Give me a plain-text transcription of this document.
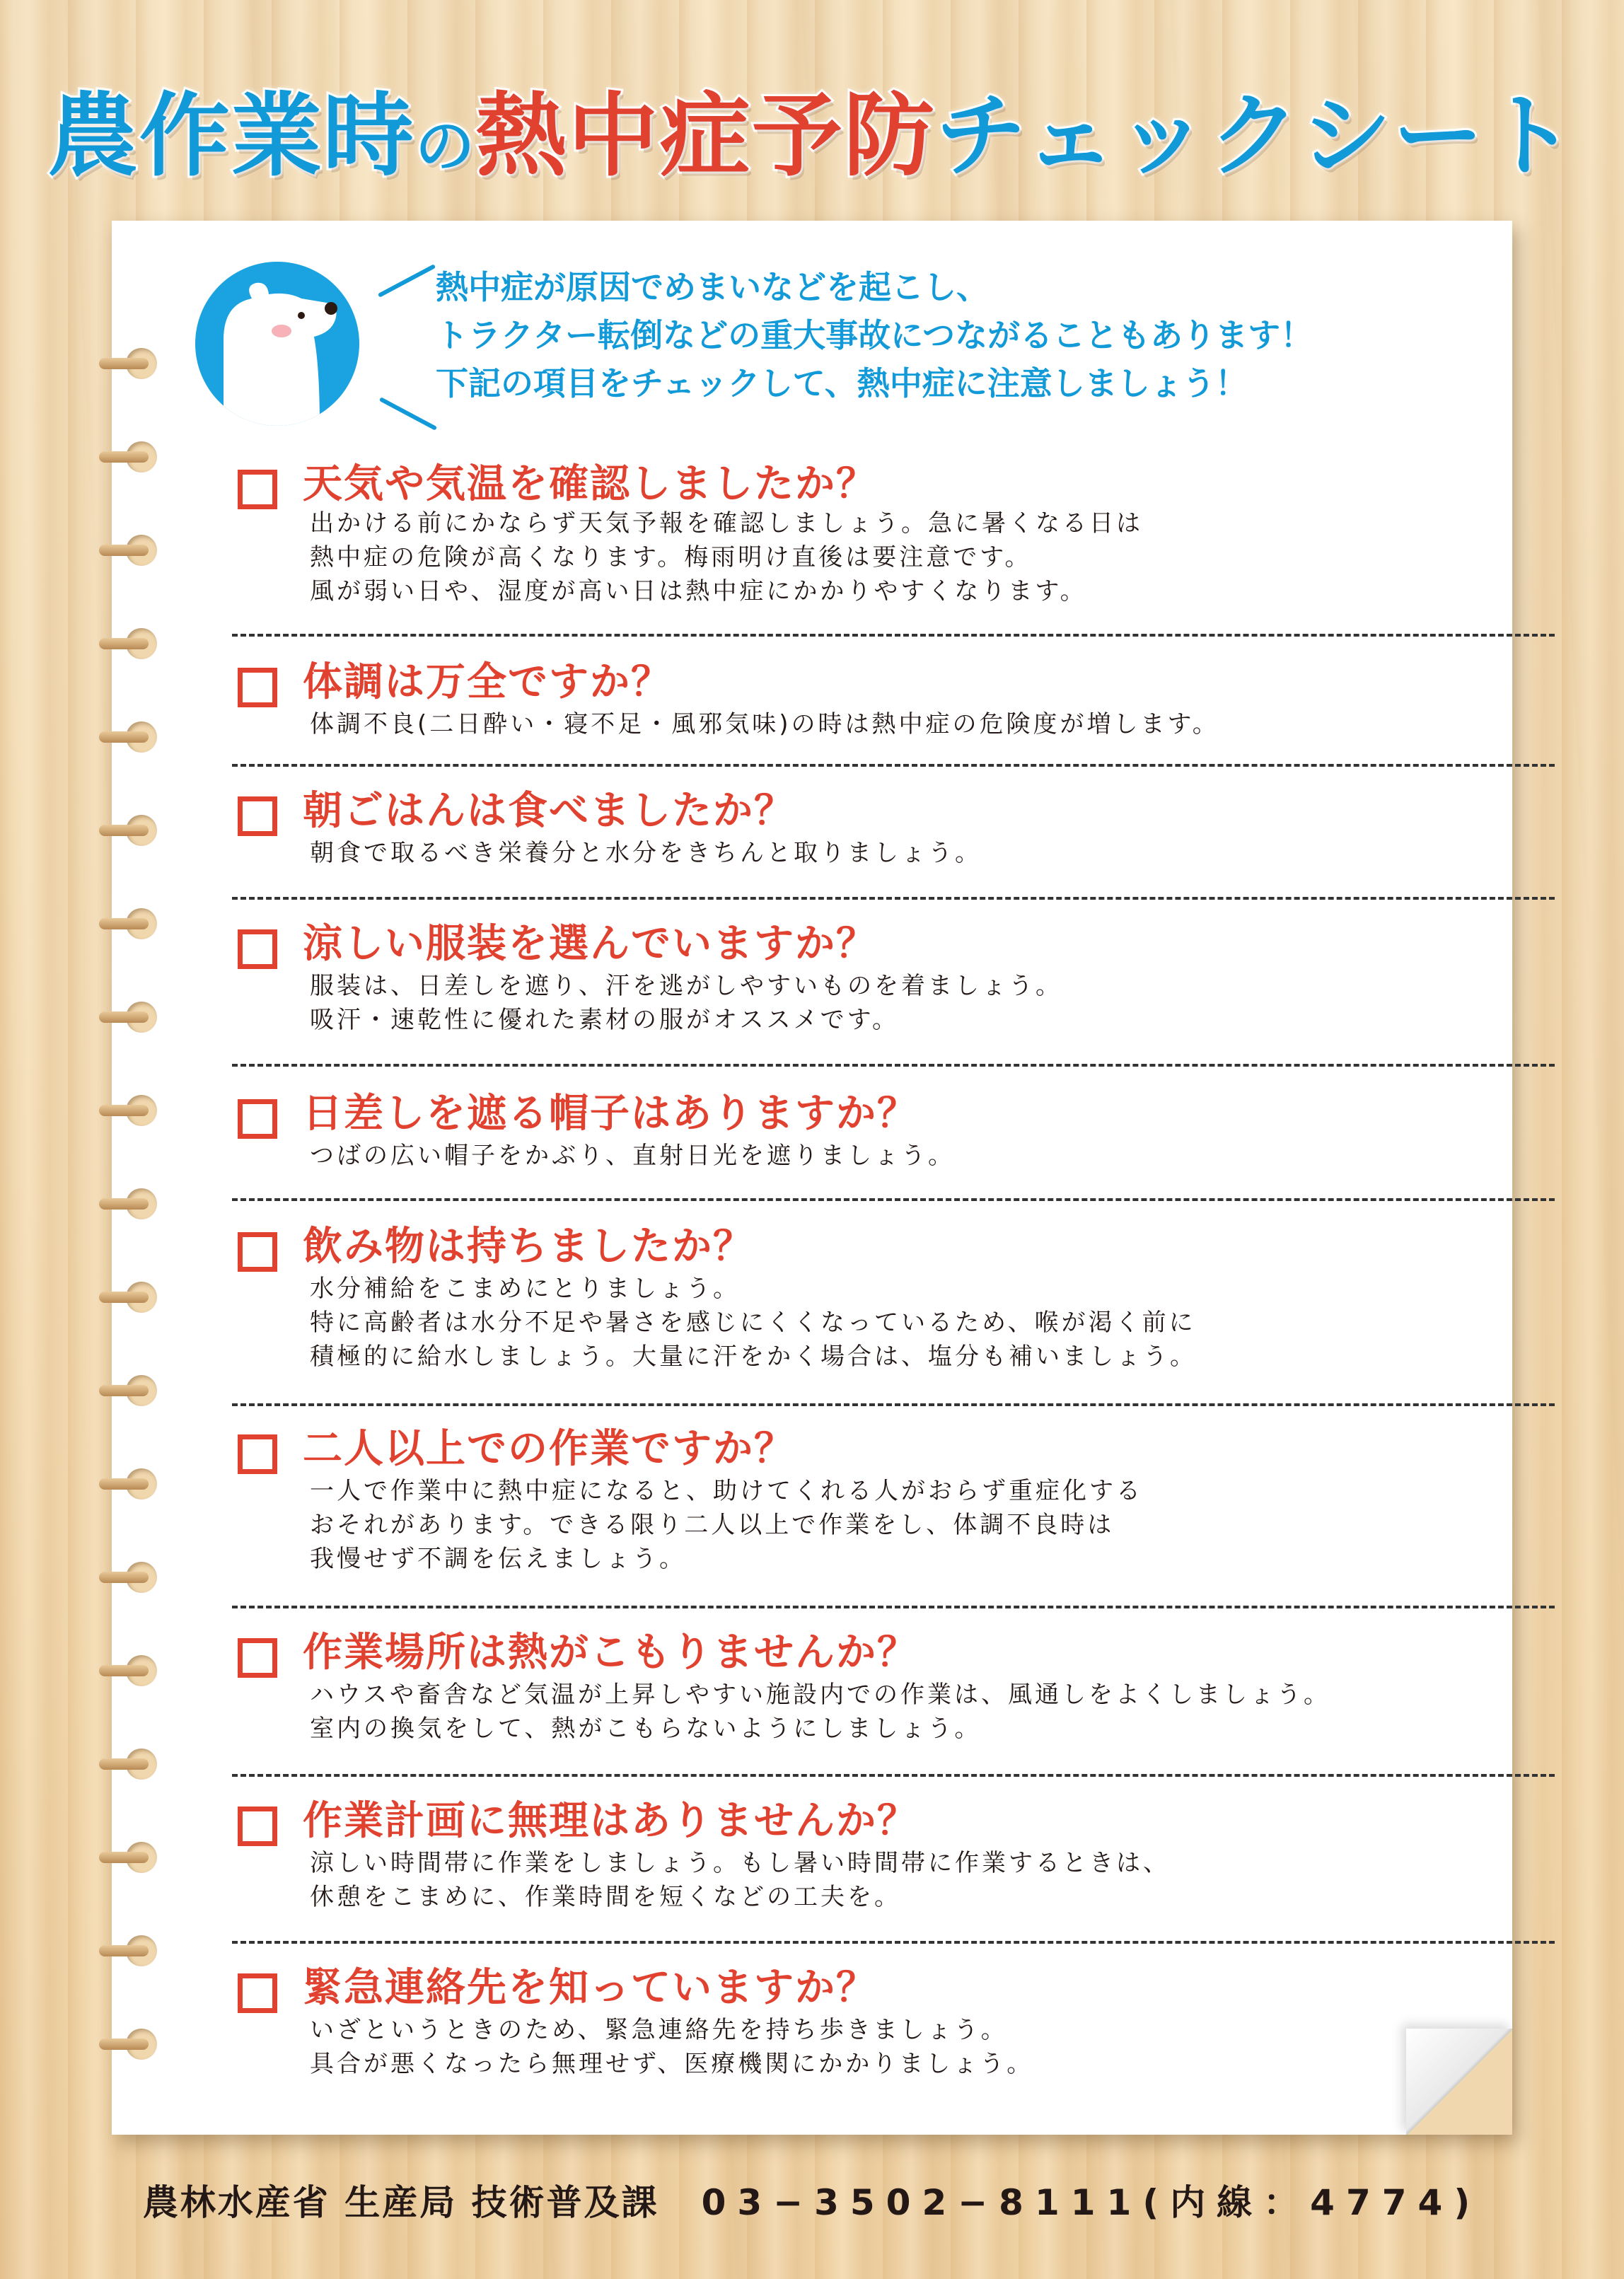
農作業時の熱中症予防チェックシート
熱中症が原因でめまいなどを起こし、
トラクター転倒などの重大事故につながることもあります！
下記の項目をチェックして、熱中症に注意しましょう！
天気や気温を確認しましたか？
出かける前にかならず天気予報を確認しましょう。急に暑くなる日は
熱中症の危険が高くなります。梅雨明け直後は要注意です。
風が弱い日や、湿度が高い日は熱中症にかかりやすくなります。
体調は万全ですか？
体調不良(二日酔い・寝不足・風邪気味)の時は熱中症の危険度が増します。
朝ごはんは食べましたか？
朝食で取るべき栄養分と水分をきちんと取りましょう。
涼しい服装を選んでいますか？
服装は、日差しを遮り、汗を逃がしやすいものを着ましょう。
吸汗・速乾性に優れた素材の服がオススメです。
日差しを遮る帽子はありますか？
つばの広い帽子をかぶり、直射日光を遮りましょう。
飲み物は持ちましたか？
水分補給をこまめにとりましょう。
特に高齢者は水分不足や暑さを感じにくくなっているため、喉が渇く前に
積極的に給水しましょう。大量に汗をかく場合は、塩分も補いましょう。
二人以上での作業ですか？
一人で作業中に熱中症になると、助けてくれる人がおらず重症化する
おそれがあります。できる限り二人以上で作業をし、体調不良時は
我慢せず不調を伝えましょう。
作業場所は熱がこもりませんか？
ハウスや畜舎など気温が上昇しやすい施設内での作業は、風通しをよくしましょう。
室内の換気をして、熱がこもらないようにしましょう。
作業計画に無理はありませんか？
涼しい時間帯に作業をしましょう。もし暑い時間帯に作業するときは、
休憩をこまめに、作業時間を短くなどの工夫を。
緊急連絡先を知っていますか？
いざというときのため、緊急連絡先を持ち歩きましょう。
具合が悪くなったら無理せず、医療機関にかかりましょう。
農林水産省 生産局 技術普及課 03−3502−8111(内線：4774)
